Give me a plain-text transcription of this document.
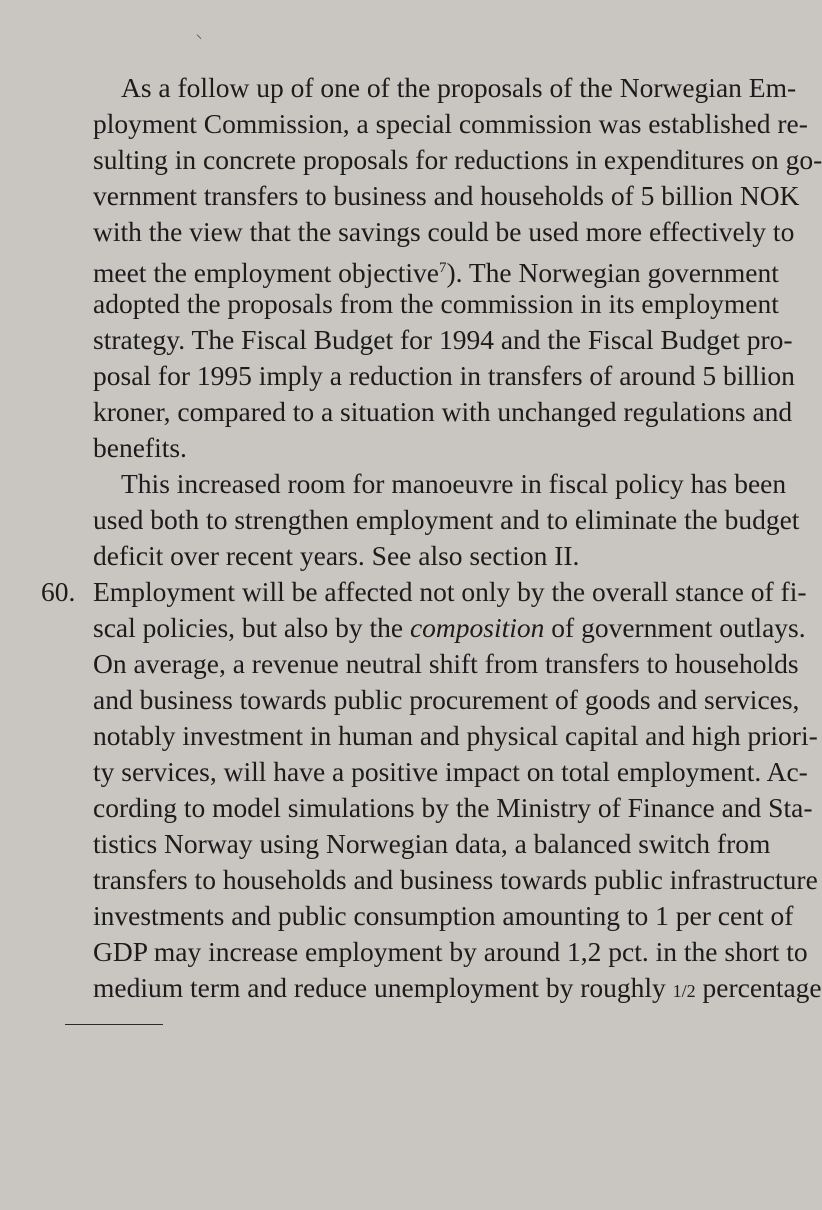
⸌
As a follow up of one of the proposals of the Norwegian Em-
ployment Commission, a special commission was established re-
sulting in concrete proposals for reductions in expenditures on go-
vernment transfers to business and households of 5 billion NOK
with the view that the savings could be used more effectively to
meet the employment objective$^7$). The Norwegian government
adopted the proposals from the commission in its employment
strategy. The Fiscal Budget for 1994 and the Fiscal Budget pro-
posal for 1995 imply a reduction in transfers of around 5 billion
kroner, compared to a situation with unchanged regulations and
benefits.
This increased room for manoeuvre in fiscal policy has been
used both to strengthen employment and to eliminate the budget
deficit over recent years. See also section II.
60. Employment will be affected not only by the overall stance of fi-
scal policies, but also by the composition of government outlays.
On average, a revenue neutral shift from transfers to households
and business towards public procurement of goods and services,
notably investment in human and physical capital and high priori-
ty services, will have a positive impact on total employment. Ac-
cording to model simulations by the Ministry of Finance and Sta-
tistics Norway using Norwegian data, a balanced switch from
transfers to households and business towards public infrastructure
investments and public consumption amounting to 1 per cent of
GDP may increase employment by around 1,2 pct. in the short to
medium term and reduce unemployment by roughly 1/2 percentage
